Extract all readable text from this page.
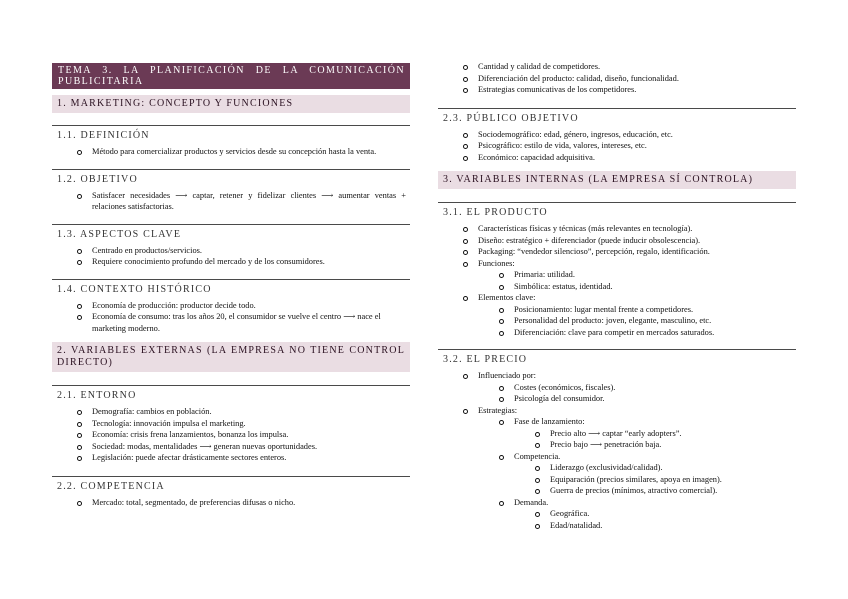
TEMA 3. LA PLANIFICACIÓN DE LA COMUNICACIÓN PUBLICITARIA
1. MARKETING: CONCEPTO Y FUNCIONES
1.1. DEFINICIÓN
Método para comercializar productos y servicios desde su concepción hasta la venta.
1.2. OBJETIVO
Satisfacer necesidades ⟶ captar, retener y fidelizar clientes ⟶ aumentar ventas + relaciones satisfactorias.
1.3. ASPECTOS CLAVE
Centrado en productos/servicios.
Requiere conocimiento profundo del mercado y de los consumidores.
1.4. CONTEXTO HISTÓRICO
Economía de producción: productor decide todo.
Economía de consumo: tras los años 20, el consumidor se vuelve el centro ⟶ nace el marketing moderno.
2. VARIABLES EXTERNAS (LA EMPRESA NO TIENE CONTROL DIRECTO)
2.1. ENTORNO
Demografía: cambios en población.
Tecnología: innovación impulsa el marketing.
Economía: crisis frena lanzamientos, bonanza los impulsa.
Sociedad: modas, mentalidades ⟶ generan nuevas oportunidades.
Legislación: puede afectar drásticamente sectores enteros.
2.2. COMPETENCIA
Mercado: total, segmentado, de preferencias difusas o nicho.
Cantidad y calidad de competidores.
Diferenciación del producto: calidad, diseño, funcionalidad.
Estrategias comunicativas de los competidores.
2.3. PÚBLICO OBJETIVO
Sociodemográfico: edad, género, ingresos, educación, etc.
Psicográfico: estilo de vida, valores, intereses, etc.
Económico: capacidad adquisitiva.
3. VARIABLES INTERNAS (LA EMPRESA SÍ CONTROLA)
3.1. EL PRODUCTO
Características físicas y técnicas (más relevantes en tecnología).
Diseño: estratégico + diferenciador (puede inducir obsolescencia).
Packaging: “vendedor silencioso”, percepción, regalo, identificación.
Funciones:
Primaria: utilidad.
Simbólica: estatus, identidad.
Elementos clave:
Posicionamiento: lugar mental frente a competidores.
Personalidad del producto: joven, elegante, masculino, etc.
Diferenciación: clave para competir en mercados saturados.
3.2. EL PRECIO
Influenciado por:
Costes (económicos, fiscales).
Psicología del consumidor.
Estrategias:
Fase de lanzamiento:
Precio alto ⟶ captar “early adopters”.
Precio bajo ⟶ penetración baja.
Competencia.
Liderazgo (exclusividad/calidad).
Equiparación (precios similares, apoya en imagen).
Guerra de precios (mínimos, atractivo comercial).
Demanda.
Geográfica.
Edad/natalidad.
